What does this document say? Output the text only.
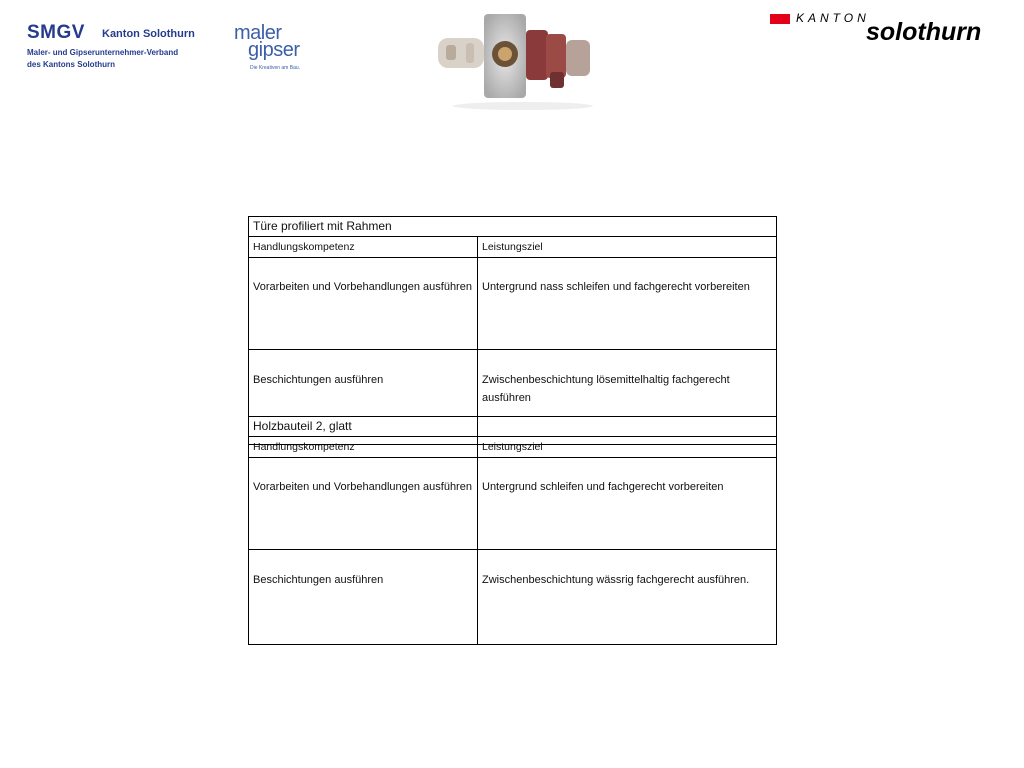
SMGV Kanton Solothurn
Maler- und Gipserunternehmer-Verband
des Kantons Solothurn
maler
gipser
Die Kreativen am Bau.
KANTON
solothurn
Türe profiliert mit Rahmen	
Handlungskompetenz	Leistungsziel

Vorarbeiten und Vorbehandlungen ausführen	Untergrund nass schleifen und fachgerecht vorbereiten

Beschichtungen ausführen	Zwischenbeschichtung lösemittelhaltig fachgerecht ausführen
Holzbauteil 2, glatt	
Handlungskompetenz	Leistungsziel

Vorarbeiten und Vorbehandlungen ausführen	Untergrund schleifen und fachgerecht vorbereiten

Beschichtungen ausführen	Zwischenbeschichtung wässrig fachgerecht ausführen.
